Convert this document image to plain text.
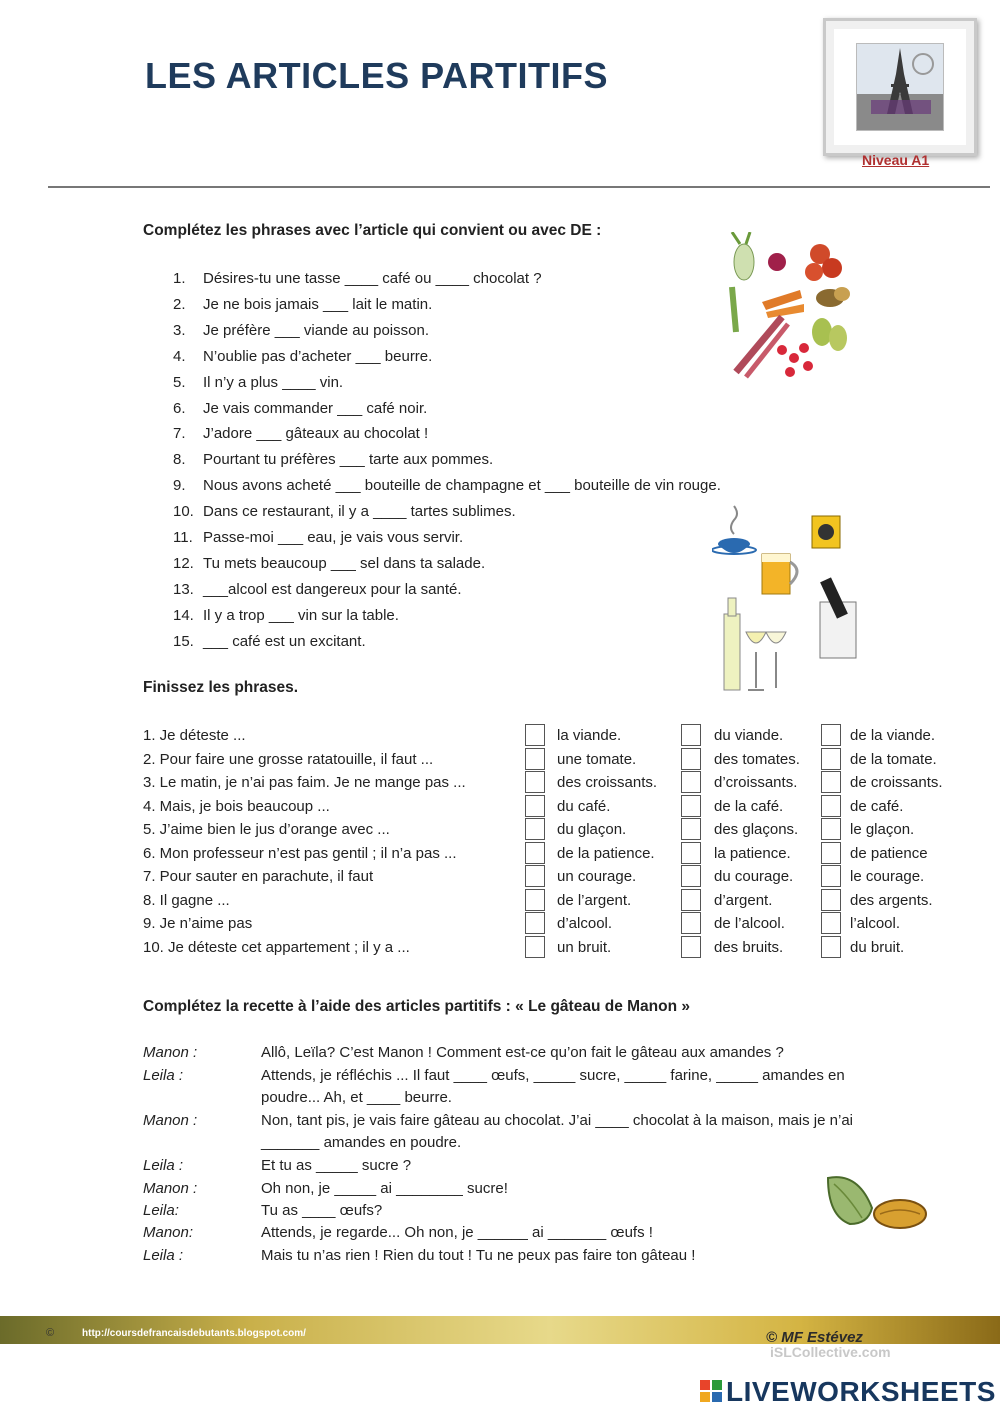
LES ARTICLES PARTITIFS
Niveau A1
Complétez les phrases avec l’article qui convient ou avec DE :
1. Désires-tu une tasse ____ café ou ____ chocolat ?
2. Je ne bois jamais ___ lait le matin.
3. Je préfère ___ viande au poisson.
4. N’oublie pas d’acheter ___ beurre.
5. Il n’y a plus ____ vin.
6. Je vais commander ___ café noir.
7. J’adore ___ gâteaux au chocolat !
8. Pourtant tu préfères ___ tarte aux pommes.
9. Nous avons acheté ___ bouteille de champagne et ___ bouteille de vin rouge.
10. Dans ce restaurant, il y a ____ tartes sublimes.
11. Passe-moi ___ eau, je vais vous servir.
12. Tu mets beaucoup ___ sel dans ta salade.
13. ___alcool est dangereux pour la santé.
14. Il y a trop ___ vin sur la table.
15. ___ café est un excitant.
Finissez les phrases.
1. Je déteste ...	la viande.	du viande.	de la viande.
2. Pour faire une grosse ratatouille, il faut ...	une tomate.	des tomates.	de la tomate.
3. Le matin, je n’ai pas faim. Je ne mange pas ...	des croissants.	d’croissants.	de croissants.
4. Mais, je bois beaucoup ...	du café.	de la café.	de café.
5. J’aime bien le jus d’orange avec ...	du glaçon.	des glaçons.	le glaçon.
6. Mon professeur n’est pas gentil ; il n’a pas ...	de la patience.	la patience.	de patience
7. Pour sauter en parachute, il faut	un courage.	du courage.	le courage.
8. Il gagne ...	de l’argent.	d’argent.	des argents.
9. Je n’aime pas	d’alcool.	de l’alcool.	l’alcool.
10. Je déteste cet appartement ; il y a ...	un bruit.	des bruits.	du bruit.
Complétez la recette à l’aide des articles partitifs : « Le gâteau de Manon »
Manon :	Allô, Leïla? C’est Manon ! Comment est-ce qu’on fait le gâteau aux amandes ?
Leila :	Attends, je réfléchis ... Il faut ____ œufs, _____ sucre, _____ farine, _____ amandes en
poudre... Ah, et ____ beurre.
Manon :	Non, tant pis, je vais faire gâteau au chocolat. J’ai ____ chocolat à la maison, mais je n’ai
_______ amandes en poudre.
Leila :	Et tu as _____ sucre ?
Manon :	Oh non, je _____ ai ________ sucre!
Leila:	Tu as ____ œufs?
Manon:	Attends, je regarde... Oh non, je ______ ai _______ œufs !
Leila :	Mais tu n’as rien ! Rien du tout ! Tu ne peux pas faire ton gâteau !
©	http://coursdefrancaisdebutants.blogspot.com/	© MF Estévez
iSLCollective.com
LIVEWORKSHEETS
